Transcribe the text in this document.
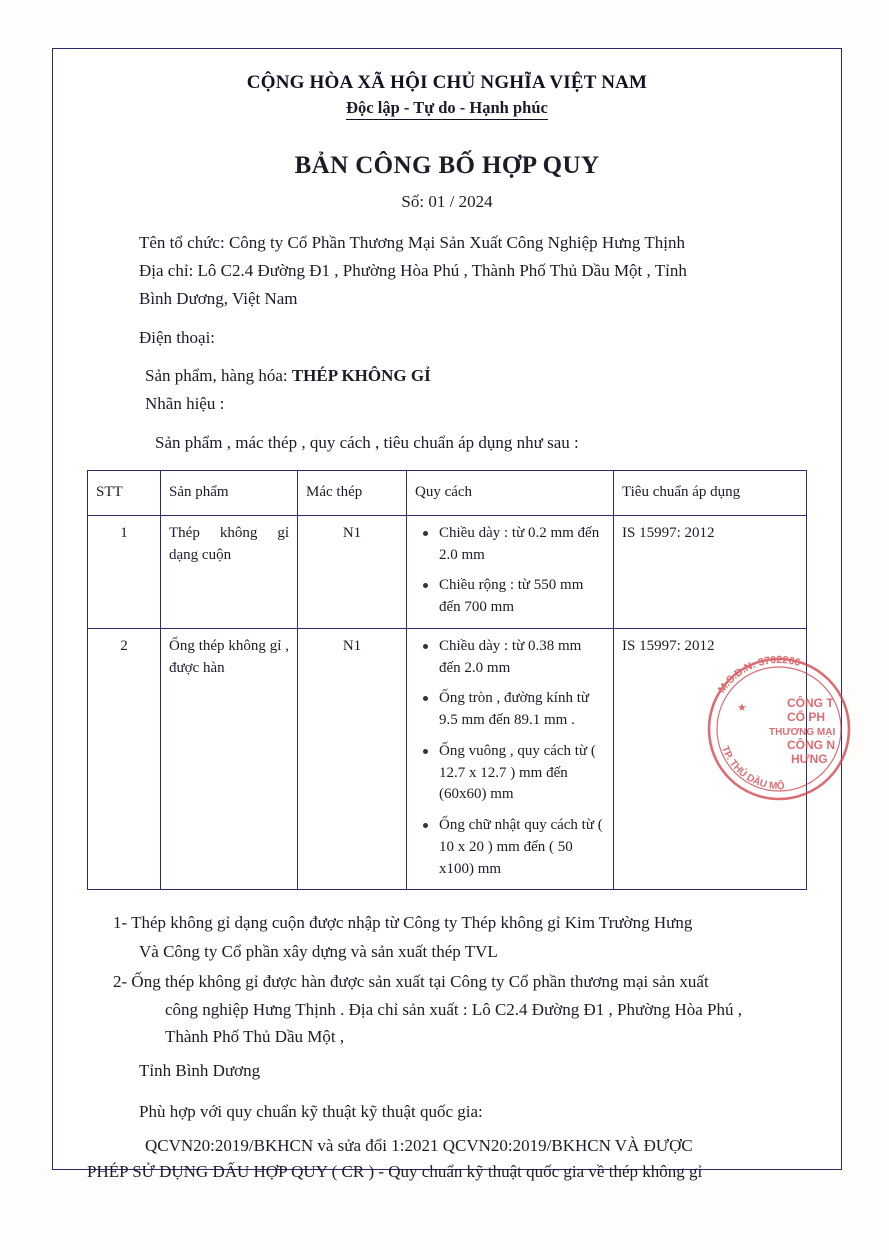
CỘNG HÒA XÃ HỘI CHỦ NGHĨA VIỆT NAM
Độc lập - Tự do - Hạnh phúc
BẢN CÔNG BỐ HỢP QUY
Số: 01 / 2024
Tên tổ chức: Công ty Cổ Phần Thương Mại Sản Xuất Công Nghiệp Hưng Thịnh
Địa chỉ: Lô C2.4 Đường Đ1 , Phường Hòa Phú , Thành Phố Thủ Dầu Một , Tỉnh
Bình Dương, Việt Nam
Điện thoại:
Sản phẩm, hàng hóa: THÉP KHÔNG GỈ
Nhãn hiệu :
Sản phẩm , mác thép , quy cách , tiêu chuẩn áp dụng như sau :
STT	Sản phẩm	Mác thép	Quy cách	Tiêu chuẩn áp dụng
1	Thép không gỉ dạng cuộn	N1	Chiều dày : từ 0.2 mm đến 2.0 mm
Chiều rộng : từ 550 mm đến 700 mm
	IS 15997: 2012
2	Ống thép không gỉ , được hàn	N1	Chiều dày : từ 0.38 mm đến 2.0 mm
Ống tròn , đường kính từ 9.5 mm đến 89.1 mm .
Ống vuông , quy cách từ ( 12.7 x 12.7 ) mm đến (60x60) mm
Ống chữ nhật quy cách từ ( 10 x 20 ) mm đến ( 50 x100) mm
	IS 15997: 2012
1- Thép không gỉ dạng cuộn được nhập từ Công ty Thép không gỉ Kim Trường Hưng
Và Công ty Cổ phần xây dựng và sản xuất thép TVL
2- Ống thép không gỉ được hàn được sản xuất tại Công ty Cổ phần thương mại sản xuất
công nghiệp Hưng Thịnh . Địa chỉ sản xuất : Lô C2.4 Đường Đ1 , Phường Hòa Phú ,
Thành Phố Thủ Dầu Một ,
Tỉnh Bình Dương
Phù hợp với quy chuẩn kỹ thuật kỹ thuật quốc gia:
QCVN20:2019/BKHCN và sửa đổi 1:2021 QCVN20:2019/BKHCN VÀ ĐƯỢC
PHÉP SỬ DỤNG DẤU HỢP QUY ( CR ) - Quy chuẩn kỹ thuật quốc gia về thép không gỉ
M.S.D.N: 3702266
TP. THỦ DẦU MỘ
CÔNG T
CỔ PH
THƯƠNG MẠI
CÔNG N
HƯNG
★
